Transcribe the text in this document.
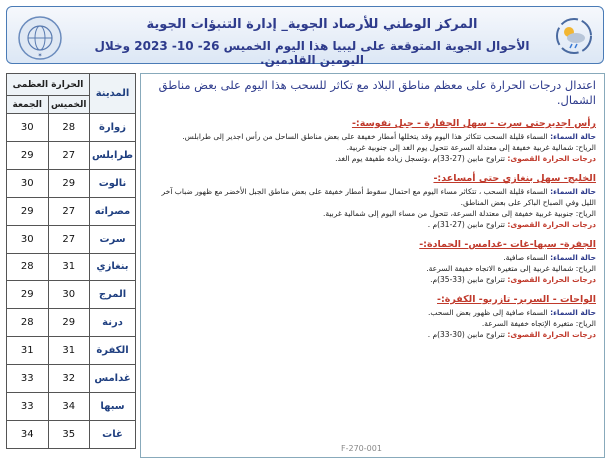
✶
المركز الوطني للأرصاد الجوية_ إدارة التنبؤات الجوية
الأحوال الجوية المتوقعة على ليبيا هذا اليوم الخميس 26- 10- 2023 وخلال اليومين القادمين.
المدينة	الحرارة العظمى	
	الخميس	الجمعة
زوارة	28	30
طرابلس	27	29
نالوت	29	30
مصراته	27	29
سرت	27	30
بنغازي	31	28
المرج	30	29
درنة	29	28
الكفرة	31	31
غدامس	32	33
سبها	34	33
غات	35	34
اعتدال درجات الحرارة على معظم مناطق البلاد مع تكاثر للسحب هذا اليوم على بعض مناطق الشمال.
رأس اجديرحتى سرت - سهل الجفارة - جبل نفوسة:-
حالة السماء: السماء قليلة السحب تتكاثر هذا اليوم وقد يتخللها أمطار خفيفة على بعض مناطق الساحل من رأس اجدير إلى طرابلس.
الرياح: شمالية غربية خفيفة إلى معتدلة السرعة تتحول يوم الغد إلى جنوبية غربية.
درجات الحرارة القصوى: تتراوح مابين (27-33)م ،وتسجل زيادة طفيفة يوم الغد.
الخليج- سهل بنغازي حتى أمساعد:-
حالة السماء: السماء قليلة السحب ، تتكاثر مساء اليوم مع احتمال سقوط أمطار خفيفة على بعض مناطق الجبل الأخضر مع ظهور ضباب آخر الليل وفي الصباح الباكر على بعض المناطق.
الرياح: جنوبية غربية خفيفة إلى معتدلة السرعة، تتحول من مساء اليوم إلى شمالية غربية.
درجات الحرارة القصوى: تتراوح مابين (27-31)م .
الجفرة- سبها-غات -غدامس- الحمادة:-
حالة السماء: السماء صافية.
الرياح: شمالية غربية إلى متغيرة الاتجاه خفيفة السرعة.
درجات الحرارة القصوى: تتراوح مابين (33-35)م.
الواحات - السرير- تازربو- الكفرة:-
حالة السماء: السماء صافية إلى ظهور بعض السحب.
الرياح: متغيرة الإتجاه خفيفة السرعة.
درجات الحرارة القصوى: تتراوح مابين (30-33)م .
F-270-001
